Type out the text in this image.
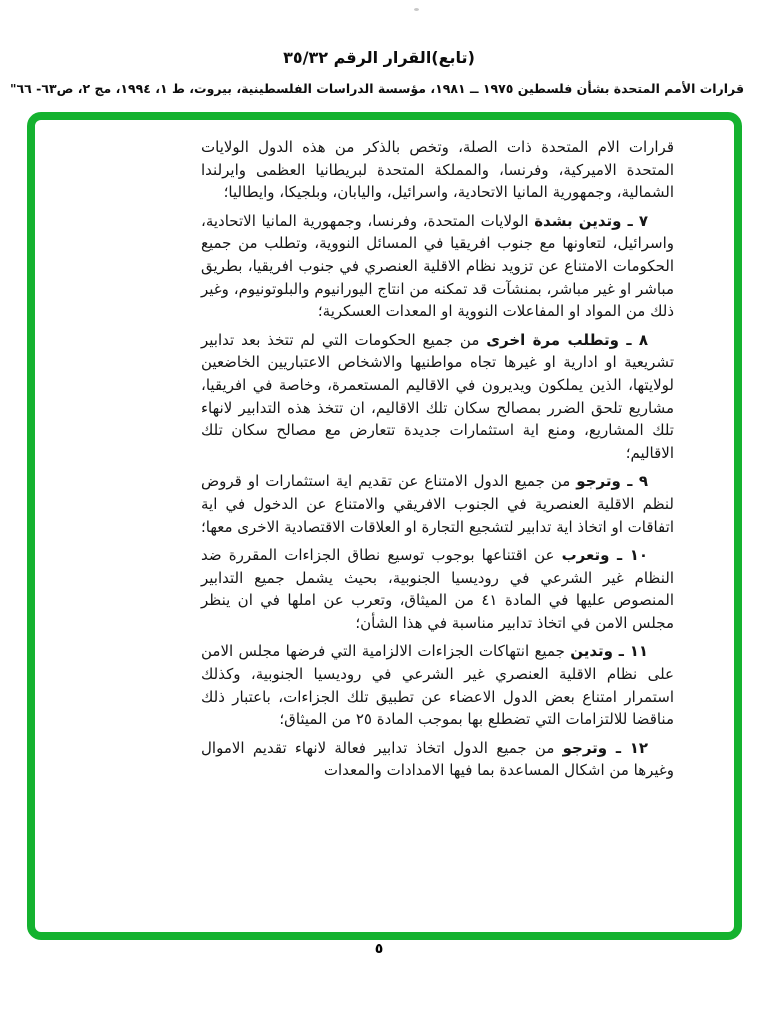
(تابع)القرار الرقم ٣٥/٣٢
قرارات الأمم المتحدة بشأن فلسطين ١٩٧٥ ــ ١٩٨١، مؤسسة الدراسات الفلسطينية، بيروت، ط ١، ١٩٩٤، مج ٢، ص٦٣- ٦٦"

قرارات الام المتحدة ذات الصلة، وتخص بالذكر من هذه الدول الولايات المتحدة الاميركية، وفرنسا، والمملكة المتحدة لبريطانيا العظمى وايرلندا الشمالية، وجمهورية المانيا الاتحادية، واسرائيل، واليابان، وبلجيكا، وايطاليا؛

٧ ـ وتدين بشدة الولايات المتحدة، وفرنسا، وجمهورية المانيا الاتحادية، واسرائيل، لتعاونها مع جنوب افريقيا في المسائل النووية، وتطلب من جميع الحكومات الامتناع عن تزويد نظام الاقلية العنصري في جنوب افريقيا، بطريق مباشر او غير مباشر، بمنشآت قد تمكنه من انتاج اليورانيوم والبلوتونيوم، وغير ذلك من المواد او المفاعلات النووية او المعدات العسكرية؛

٨ ـ وتطلب مرة اخرى من جميع الحكومات التي لم تتخذ بعد تدابير تشريعية او ادارية او غيرها تجاه مواطنيها والاشخاص الاعتباريين الخاضعين لولايتها، الذين يملكون ويديرون في الاقاليم المستعمرة، وخاصة في افريقيا، مشاريع تلحق الضرر بمصالح سكان تلك الاقاليم، ان تتخذ هذه التدابير لانهاء تلك المشاريع، ومنع اية استثمارات جديدة تتعارض مع مصالح سكان تلك الاقاليم؛

٩ ـ وترجو من جميع الدول الامتناع عن تقديم اية استثمارات او قروض لنظم الاقلية العنصرية في الجنوب الافريقي والامتناع عن الدخول في اية اتفاقات او اتخاذ اية تدابير لتشجيع التجارة او العلاقات الاقتصادية الاخرى معها؛

١٠ ـ وتعرب عن اقتناعها بوجوب توسيع نطاق الجزاءات المقررة ضد النظام غير الشرعي في روديسيا الجنوبية، بحيث يشمل جميع التدابير المنصوص عليها في المادة ٤١ من الميثاق، وتعرب عن املها في ان ينظر مجلس الامن في اتخاذ تدابير مناسبة في هذا الشأن؛

١١ ـ وتدين جميع انتهاكات الجزاءات الالزامية التي فرضها مجلس الامن على نظام الاقلية العنصري غير الشرعي في روديسيا الجنوبية، وكذلك استمرار امتناع بعض الدول الاعضاء عن تطبيق تلك الجزاءات، باعتبار ذلك مناقضا للالتزامات التي تضطلع بها بموجب المادة ٢٥ من الميثاق؛

١٢ ـ وترجو من جميع الدول اتخاذ تدابير فعالة لانهاء تقديم الاموال وغيرها من اشكال المساعدة بما فيها الامدادات والمعدات

٥
